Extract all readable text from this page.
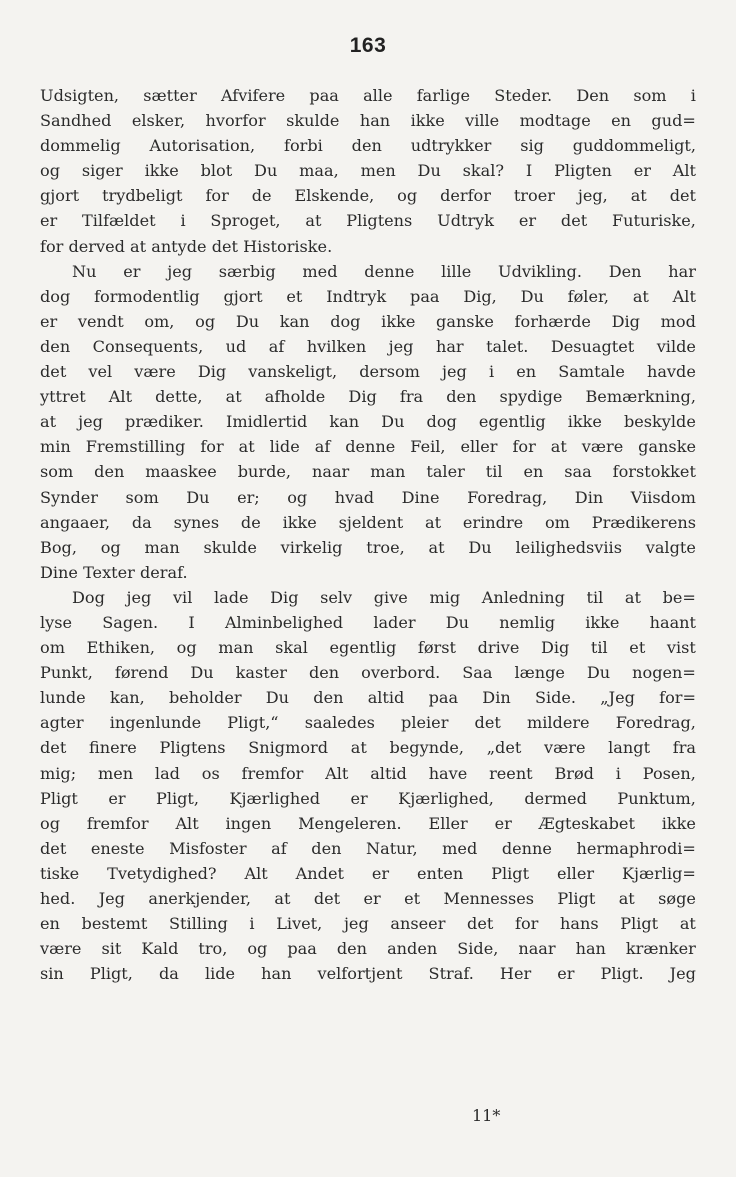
163
Udsigten, sætter Afvifere paa alle farlige Steder. Den som i
Sandhed elsker, hvorfor skulde han ikke ville modtage en gud=
dommelig Autorisation, forbi den udtrykker sig guddommeligt,
og siger ikke blot Du maa, men Du skal? I Pligten er Alt
gjort trydbeligt for de Elskende, og derfor troer jeg, at det
er Tilfældet i Sproget, at Pligtens Udtryk er det Futuriske,
for derved at antyde det Historiske.
Nu er jeg særbig med denne lille Udvikling. Den har
dog formodentlig gjort et Indtryk paa Dig, Du føler, at Alt
er vendt om, og Du kan dog ikke ganske forhærde Dig mod
den Consequents, ud af hvilken jeg har talet. Desuagtet vilde
det vel være Dig vanskeligt, dersom jeg i en Samtale havde
yttret Alt dette, at afholde Dig fra den spydige Bemærkning,
at jeg prædiker. Imidlertid kan Du dog egentlig ikke beskylde
min Fremstilling for at lide af denne Feil, eller for at være ganske
som den maaskee burde, naar man taler til en saa forstokket
Synder som Du er; og hvad Dine Foredrag, Din Viisdom
angaaer, da synes de ikke sjeldent at erindre om Prædikerens
Bog, og man skulde virkelig troe, at Du leilighedsviis valgte
Dine Texter deraf.
Dog jeg vil lade Dig selv give mig Anledning til at be=
lyse Sagen. I Alminbelighed lader Du nemlig ikke haant
om Ethiken, og man skal egentlig først drive Dig til et vist
Punkt, førend Du kaster den overbord. Saa længe Du nogen=
lunde kan, beholder Du den altid paa Din Side. „Jeg for=
agter ingenlunde Pligt,“ saaledes pleier det mildere Foredrag,
det finere Pligtens Snigmord at begynde, „det være langt fra
mig; men lad os fremfor Alt altid have reent Brød i Posen,
Pligt er Pligt, Kjærlighed er Kjærlighed, dermed Punktum,
og fremfor Alt ingen Mengeleren. Eller er Ægteskabet ikke
det eneste Misfoster af den Natur, med denne hermaphrodi=
tiske Tvetydighed? Alt Andet er enten Pligt eller Kjærlig=
hed. Jeg anerkjender, at det er et Mennesses Pligt at søge
en bestemt Stilling i Livet, jeg anseer det for hans Pligt at
være sit Kald tro, og paa den anden Side, naar han krænker
sin Pligt, da lide han velfortjent Straf. Her er Pligt. Jeg
11*
